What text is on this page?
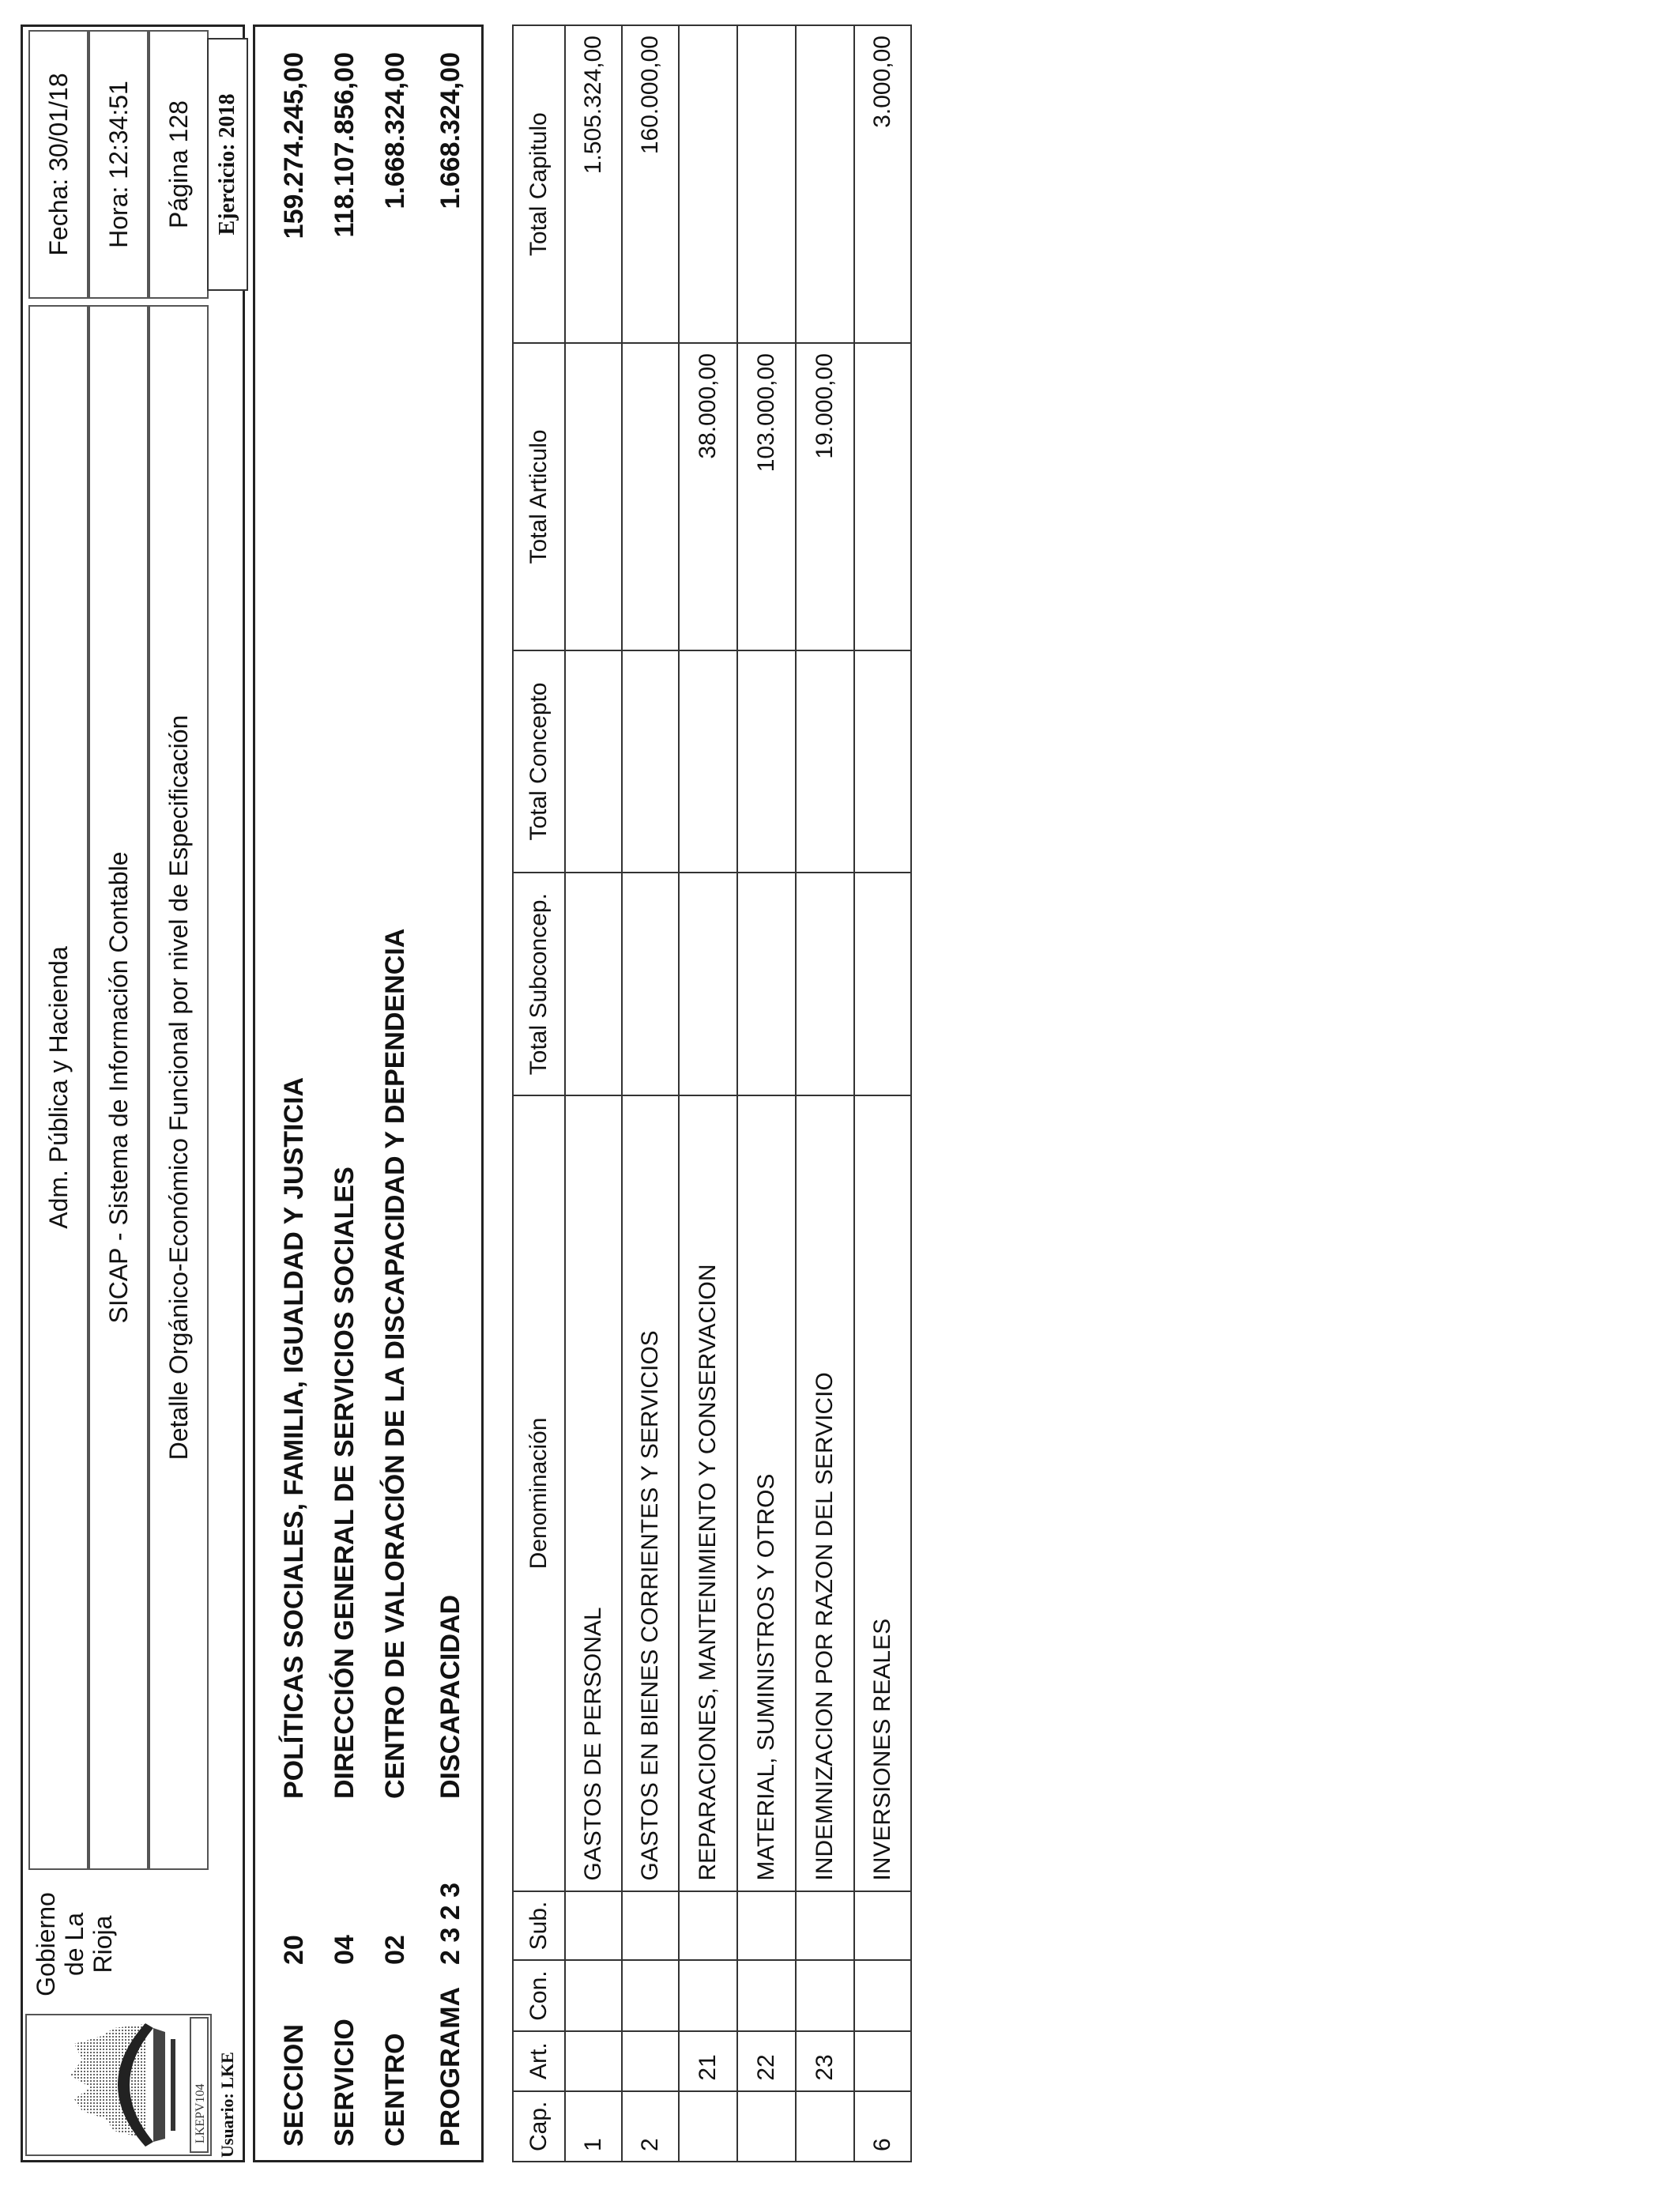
LKEPV104
Gobierno de La Rioja
Adm. Pública y Hacienda	SICAP - Sistema de Información Contable	Detalle Orgánico-Económico Funcional por nivel de Especificación
Fecha: 30/01/18	Hora: 12:34:51	Página 128
Usuario: LKE
Ejercicio: 2018
SECCION
20
POLÍTICAS SOCIALES, FAMILIA, IGUALDAD Y JUSTICIA
159.274.245,00
SERVICIO
04
DIRECCIÓN GENERAL DE SERVICIOS SOCIALES
118.107.856,00
CENTRO
02
CENTRO DE VALORACIÓN DE LA DISCAPACIDAD Y DEPENDENCIA
1.668.324,00
PROGRAMA
2 3 2 3
DISCAPACIDAD
1.668.324,00
Cap.	Art.	Con.	Sub.	Denominación	Total Subconcep.	Total Concepto	Total Articulo	Total Capitulo
1				GASTOS DE PERSONAL				1.505.324,00
2				GASTOS EN BIENES CORRIENTES Y SERVICIOS				160.000,00
	21			REPARACIONES, MANTENIMIENTO Y CONSERVACION			38.000,00	
	22			MATERIAL, SUMINISTROS Y OTROS			103.000,00	
	23			INDEMNIZACION POR RAZON DEL SERVICIO			19.000,00	
6				INVERSIONES REALES				3.000,00
